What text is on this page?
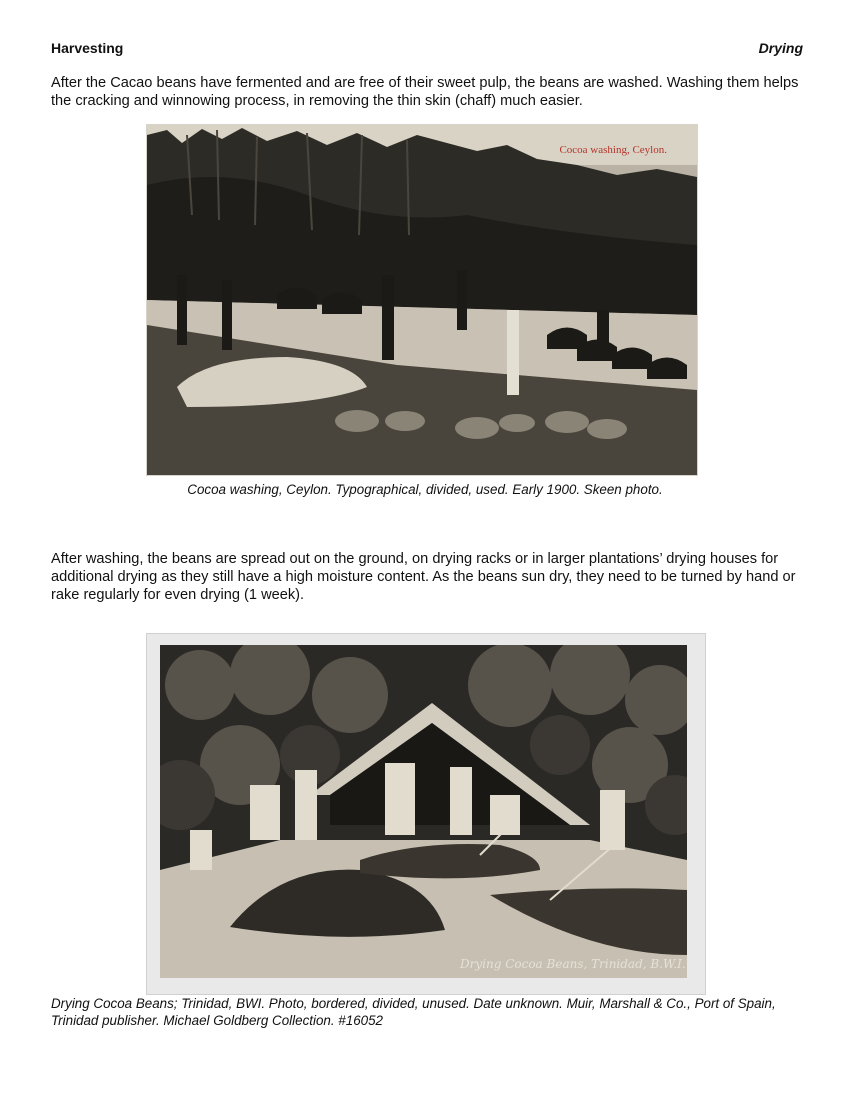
Harvesting	Drying
After the Cacao beans have fermented and are free of their sweet pulp, the beans are washed. Washing them helps the cracking and winnowing process, in removing the thin skin (chaff) much easier.
Cocoa washing, Ceylon.
Cocoa washing, Ceylon. Typographical, divided, used. Early 1900. Skeen photo.
After washing, the beans are spread out on the ground, on drying racks or in larger plantations’ drying houses for additional drying as they still have a high moisture content. As the beans sun dry, they need to be turned by hand or rake regularly for even drying (1 week).
Drying Cocoa Beans, Trinidad, B.W.I.
Drying Cocoa Beans; Trinidad, BWI. Photo, bordered, divided, unused. Date unknown. Muir, Marshall & Co., Port of Spain, Trinidad publisher. Michael Goldberg Collection. #16052
